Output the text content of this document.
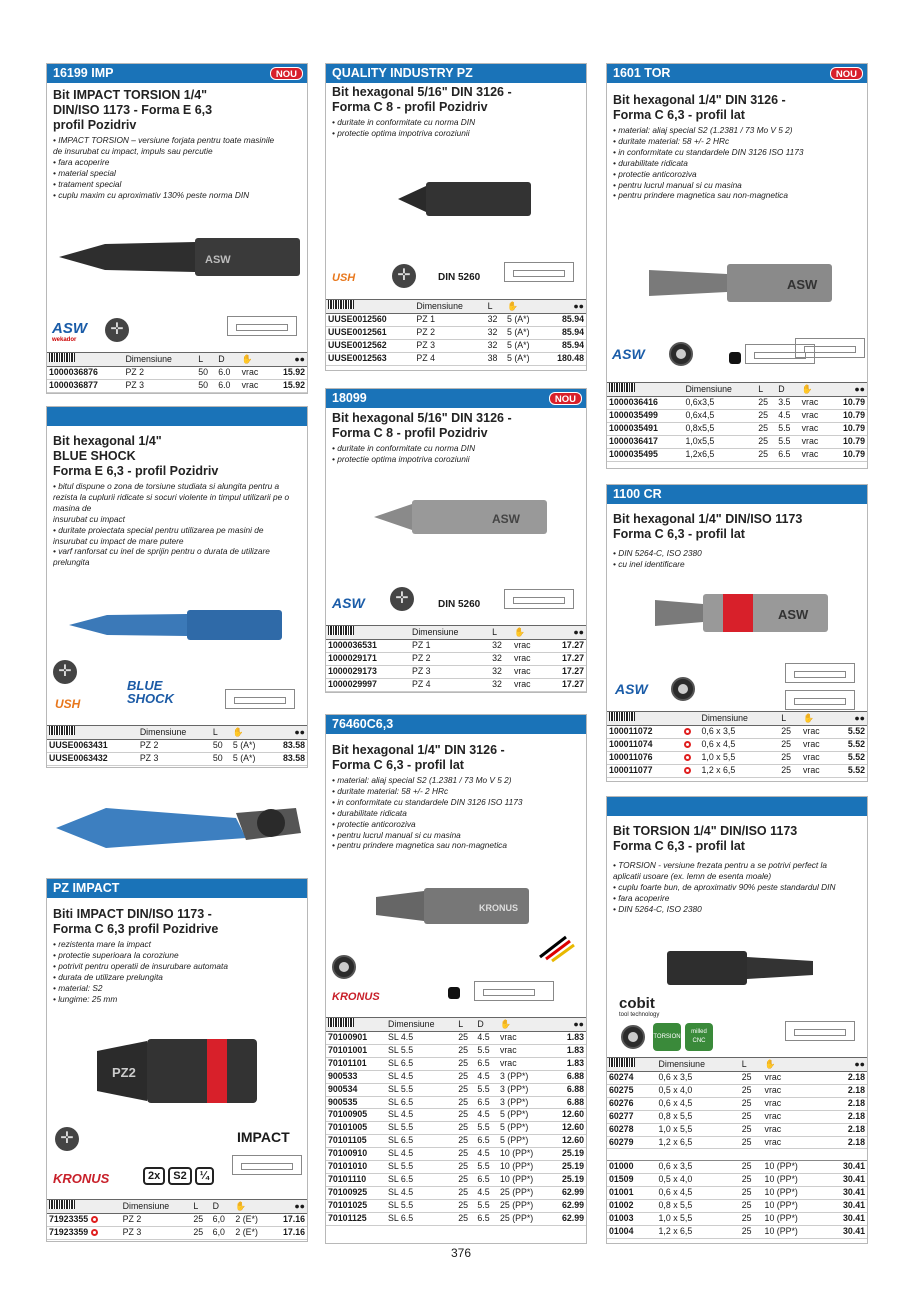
16199 IMP	NOU
Bit IMPACT TORSION 1/4"
DIN/ISO 1173 - Forma E 6,3
profil Pozidriv
• IMPACT TORSION – versiune forjata pentru toate masinile
de insurubat cu impact, impuls sau percutie
• fara acoperire
• material special
• tratament special
• cuplu maxim cu aproximativ 130% peste norma DIN
ASW
ASW
wekador
✛
	Dimensiune	L	D	✋	●●
1000036876	PZ 2	50	6.0	vrac	15.92
1000036877	PZ 3	50	6.0	vrac	15.92
Bit hexagonal 1/4"
BLUE SHOCK
Forma E 6,3 - profil Pozidriv
• bitul dispune o zona de torsiune studiata si alungita pentru a
rezista la cuplurii ridicate si socuri violente in timpul utilizarii pe o
masina de
insurubat cu impact
• duritate proiectata special pentru utilizarea pe masini de
insurubat cu impact de mare putere
• varf ranforsat cu inel de sprijin pentru o durata de utilizare
prelungita
✛
USH
BLUE SHOCK
	Dimensiune	L	✋	●●
UUSE0063431	PZ 2	50	5 (A*)	83.58
UUSE0063432	PZ 3	50	5 (A*)	83.58
PZ IMPACT
Biti IMPACT DIN/ISO 1173 -
Forma C 6,3 profil Pozidrive
• rezistenta mare la impact
• protectie superioara la coroziune
• potrivit pentru operatii de insurubare automata
• durata de utilizare prelungita
• material: S2
• lungime: 25 mm
PZ2
✛	IMPACT
KRONUS	2x	S2	¼
	Dimensiune	L	D	✋	●●
71923355	PZ 2	25	6,0	2 (E*)	17.16
71923359	PZ 3	25	6,0	2 (E*)	17.16
QUALITY INDUSTRY PZ
Bit hexagonal 5/16" DIN 3126 -
Forma C 8 - profil Pozidriv
• duritate in conformitate cu norma DIN
• protectie optima impotriva coroziunii
USH	✛	DIN 5260
	Dimensiune	L	✋	●●
UUSE0012560	PZ 1	32	5 (A*)	85.94
UUSE0012561	PZ 2	32	5 (A*)	85.94
UUSE0012562	PZ 3	32	5 (A*)	85.94
UUSE0012563	PZ 4	38	5 (A*)	180.48
18099	NOU
Bit hexagonal 5/16" DIN 3126 -
Forma C 8 - profil Pozidriv
• duritate in conformitate cu norma DIN
• protectie optima impotriva coroziunii
ASW
ASW	✛	DIN 5260
	Dimensiune	L	✋	●●
1000036531	PZ 1	32	vrac	17.27
1000029171	PZ 2	32	vrac	17.27
1000029173	PZ 3	32	vrac	17.27
1000029997	PZ 4	32	vrac	17.27
76460C6,3
Bit hexagonal 1/4" DIN 3126 -
Forma C 6,3 - profil lat
• material: aliaj special S2 (1.2381 / 73 Mo V 5 2)
• duritate material: 58 +/- 2 HRc
• in conformitate cu standardele DIN 3126 ISO 1173
• durabilitate ridicata
• protectie anticoroziva
• pentru lucrul manual si cu masina
• pentru prindere magnetica sau non-magnetica
KRONUS
KRONUS
	Dimensiune	L	D	✋	●●
70100901	SL 4.5	25	4.5	vrac	1.83
70101001	SL 5.5	25	5.5	vrac	1.83
70101101	SL 6.5	25	6.5	vrac	1.83
900533	SL 4.5	25	4.5	3 (PP*)	6.88
900534	SL 5.5	25	5.5	3 (PP*)	6.88
900535	SL 6.5	25	6.5	3 (PP*)	6.88
70100905	SL 4.5	25	4.5	5 (PP*)	12.60
70101005	SL 5.5	25	5.5	5 (PP*)	12.60
70101105	SL 6.5	25	6.5	5 (PP*)	12.60
70100910	SL 4.5	25	4.5	10 (PP*)	25.19
70101010	SL 5.5	25	5.5	10 (PP*)	25.19
70101110	SL 6.5	25	6.5	10 (PP*)	25.19
70100925	SL 4.5	25	4.5	25 (PP*)	62.99
70101025	SL 5.5	25	5.5	25 (PP*)	62.99
70101125	SL 6.5	25	6.5	25 (PP*)	62.99
1601 TOR	NOU
Bit hexagonal 1/4" DIN 3126 -
Forma C 6,3 - profil lat
• material: aliaj special S2 (1.2381 / 73 Mo V 5 2)
• duritate material: 58 +/- 2 HRc
• in conformitate cu standardele DIN 3126 ISO 1173
• durabilitate ridicata
• protectie anticoroziva
• pentru lucrul manual si cu masina
• pentru prindere magnetica sau non-magnetica
ASW
ASW
	Dimensiune	L	D	✋	●●
1000036416	0,6x3,5	25	3.5	vrac	10.79
1000035499	0,6x4,5	25	4.5	vrac	10.79
1000035491	0,8x5,5	25	5.5	vrac	10.79
1000036417	1,0x5,5	25	5.5	vrac	10.79
1000035495	1,2x6,5	25	6.5	vrac	10.79
1100 CR
Bit hexagonal 1/4" DIN/ISO 1173
Forma C 6,3 - profil lat
• DIN 5264-C, ISO 2380
• cu inel identificare
ASW
ASW
		Dimensiune	L	✋	●●
100011072		0,6 x 3,5	25	vrac	5.52
100011074		0,6 x 4,5	25	vrac	5.52
100011076		1,0 x 5,5	25	vrac	5.52
100011077		1,2 x 6,5	25	vrac	5.52
Bit TORSION 1/4" DIN/ISO 1173
Forma C 6,3 - profil lat
• TORSION - versiune frezata pentru a se potrivi perfect la
aplicatii usoare (ex. lemn de esenta moale)
• cuplu foarte bun, de aproximativ 90% peste standardul DIN
• fara acoperire
• DIN 5264-C, ISO 2380
cobit
tool technology
TORSION
milled CNC
	Dimensiune	L	✋	●●
60274	0,6 x 3,5	25	vrac	2.18
60275	0,5 x 4,0	25	vrac	2.18
60276	0,6 x 4,5	25	vrac	2.18
60277	0,8 x 5,5	25	vrac	2.18
60278	1,0 x 5,5	25	vrac	2.18
60279	1,2 x 6,5	25	vrac	2.18

01000	0,6 x 3,5	25	10 (PP*)	30.41
01509	0,5 x 4,0	25	10 (PP*)	30.41
01001	0,6 x 4,5	25	10 (PP*)	30.41
01002	0,8 x 5,5	25	10 (PP*)	30.41
01003	1,0 x 5,5	25	10 (PP*)	30.41
01004	1,2 x 6,5	25	10 (PP*)	30.41
376
